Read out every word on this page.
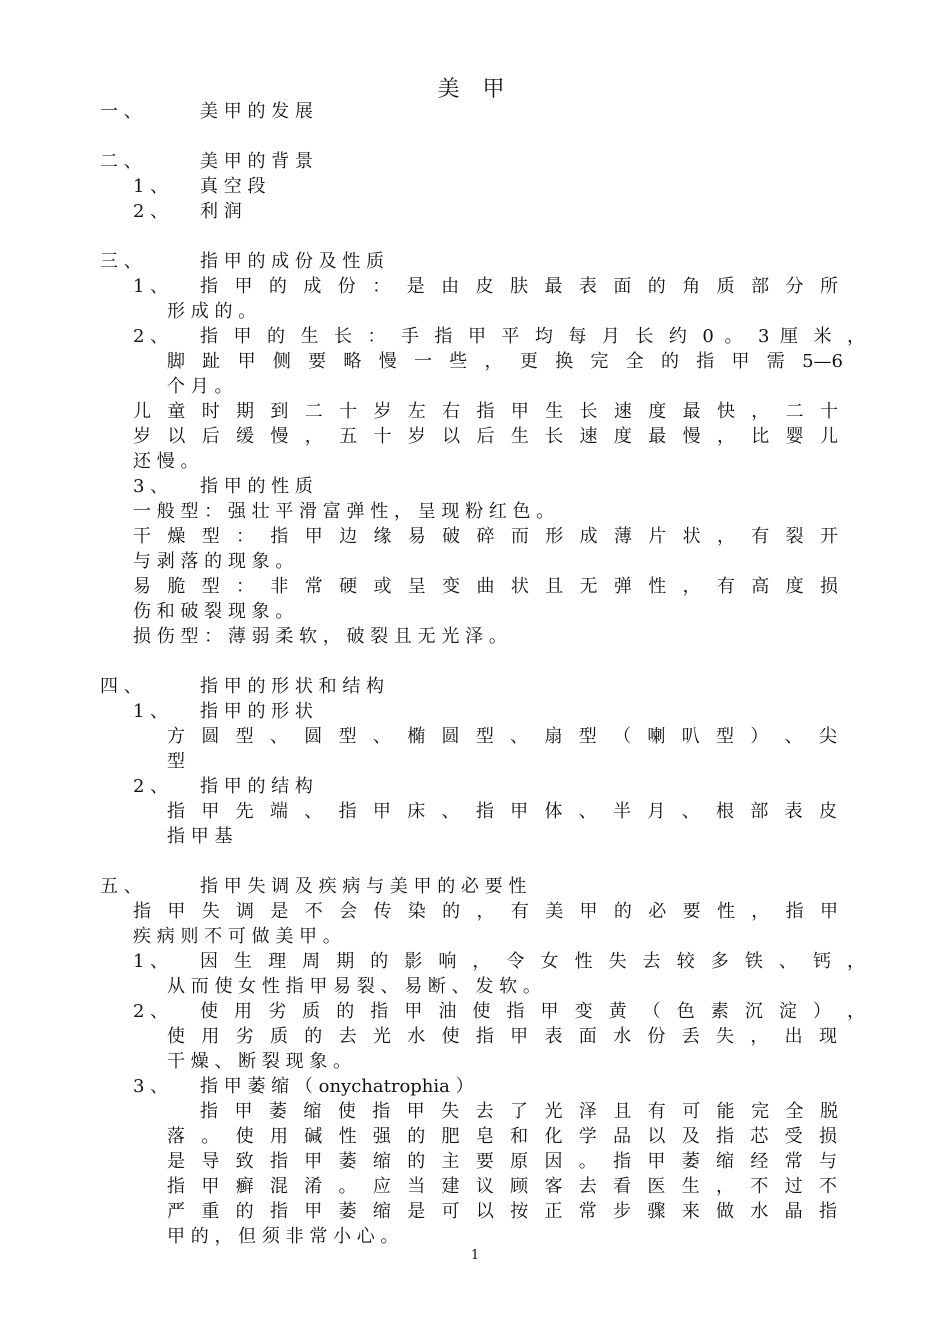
美 甲
一 、	美 甲 的 发 展
二 、	美 甲 的 背 景
1 、 真 空 段
2 、 利 润
三 、	指 甲 的 成 份 及 性 质
1 、 指 甲 的 成 份 ： 是 由 皮 肤 最 表 面 的 角 质 部 分 所
形 成 的 。
2 、 指 甲 的 生 长 ： 手 指 甲 平 均 每 月 长 约 0 。 3 厘 米 ，
脚 趾 甲 侧 要 略 慢 一 些 ， 更 换 完 全 的 指 甲 需 5—6
个 月 。
儿 童 时 期 到 二 十 岁 左 右 指 甲 生 长 速 度 最 快 ， 二 十
岁 以 后 缓 慢 ， 五 十 岁 以 后 生 长 速 度 最 慢 ， 比 婴 儿
还 慢 。
3 、 指 甲 的 性 质
一 般 型 ： 强 壮 平 滑 富 弹 性 ， 呈 现 粉 红 色 。
干 燥 型 ： 指 甲 边 缘 易 破 碎 而 形 成 薄 片 状 ， 有 裂 开
与 剥 落 的 现 象 。
易 脆 型 ： 非 常 硬 或 呈 变 曲 状 且 无 弹 性 ， 有 高 度 损
伤 和 破 裂 现 象 。
损 伤 型 ： 薄 弱 柔 软 ， 破 裂 且 无 光 泽 。
四 、	指 甲 的 形 状 和 结 构
1 、 指 甲 的 形 状
方 圆 型 、 圆 型 、 椭 圆 型 、 扇 型 （ 喇 叭 型 ） 、 尖
型
2 、 指 甲 的 结 构
指 甲 先 端 、 指 甲 床 、 指 甲 体 、 半 月 、 根 部 表 皮
指 甲 基
五 、	指 甲 失 调 及 疾 病 与 美 甲 的 必 要 性
指 甲 失 调 是 不 会 传 染 的 ， 有 美 甲 的 必 要 性 ， 指 甲
疾 病 则 不 可 做 美 甲 。
1 、 因 生 理 周 期 的 影 响 ， 令 女 性 失 去 较 多 铁 、 钙 ，
从 而 使 女 性 指 甲 易 裂 、 易 断 、 发 软 。
2 、 使 用 劣 质 的 指 甲 油 使 指 甲 变 黄 （ 色 素 沉 淀 ） ，
使 用 劣 质 的 去 光 水 使 指 甲 表 面 水 份 丢 失 ， 出 现
干 燥 、 断 裂 现 象 。
3 、 指 甲 萎 缩 （ onychatrophia ）
指 甲 萎 缩 使 指 甲 失 去 了 光 泽 且 有 可 能 完 全 脱
落 。 使 用 碱 性 强 的 肥 皂 和 化 学 品 以 及 指 芯 受 损
是 导 致 指 甲 萎 缩 的 主 要 原 因 。 指 甲 萎 缩 经 常 与
指 甲 癣 混 淆 。 应 当 建 议 顾 客 去 看 医 生 ， 不 过 不
严 重 的 指 甲 萎 缩 是 可 以 按 正 常 步 骤 来 做 水 晶 指
甲 的 ， 但 须 非 常 小 心 。
1
